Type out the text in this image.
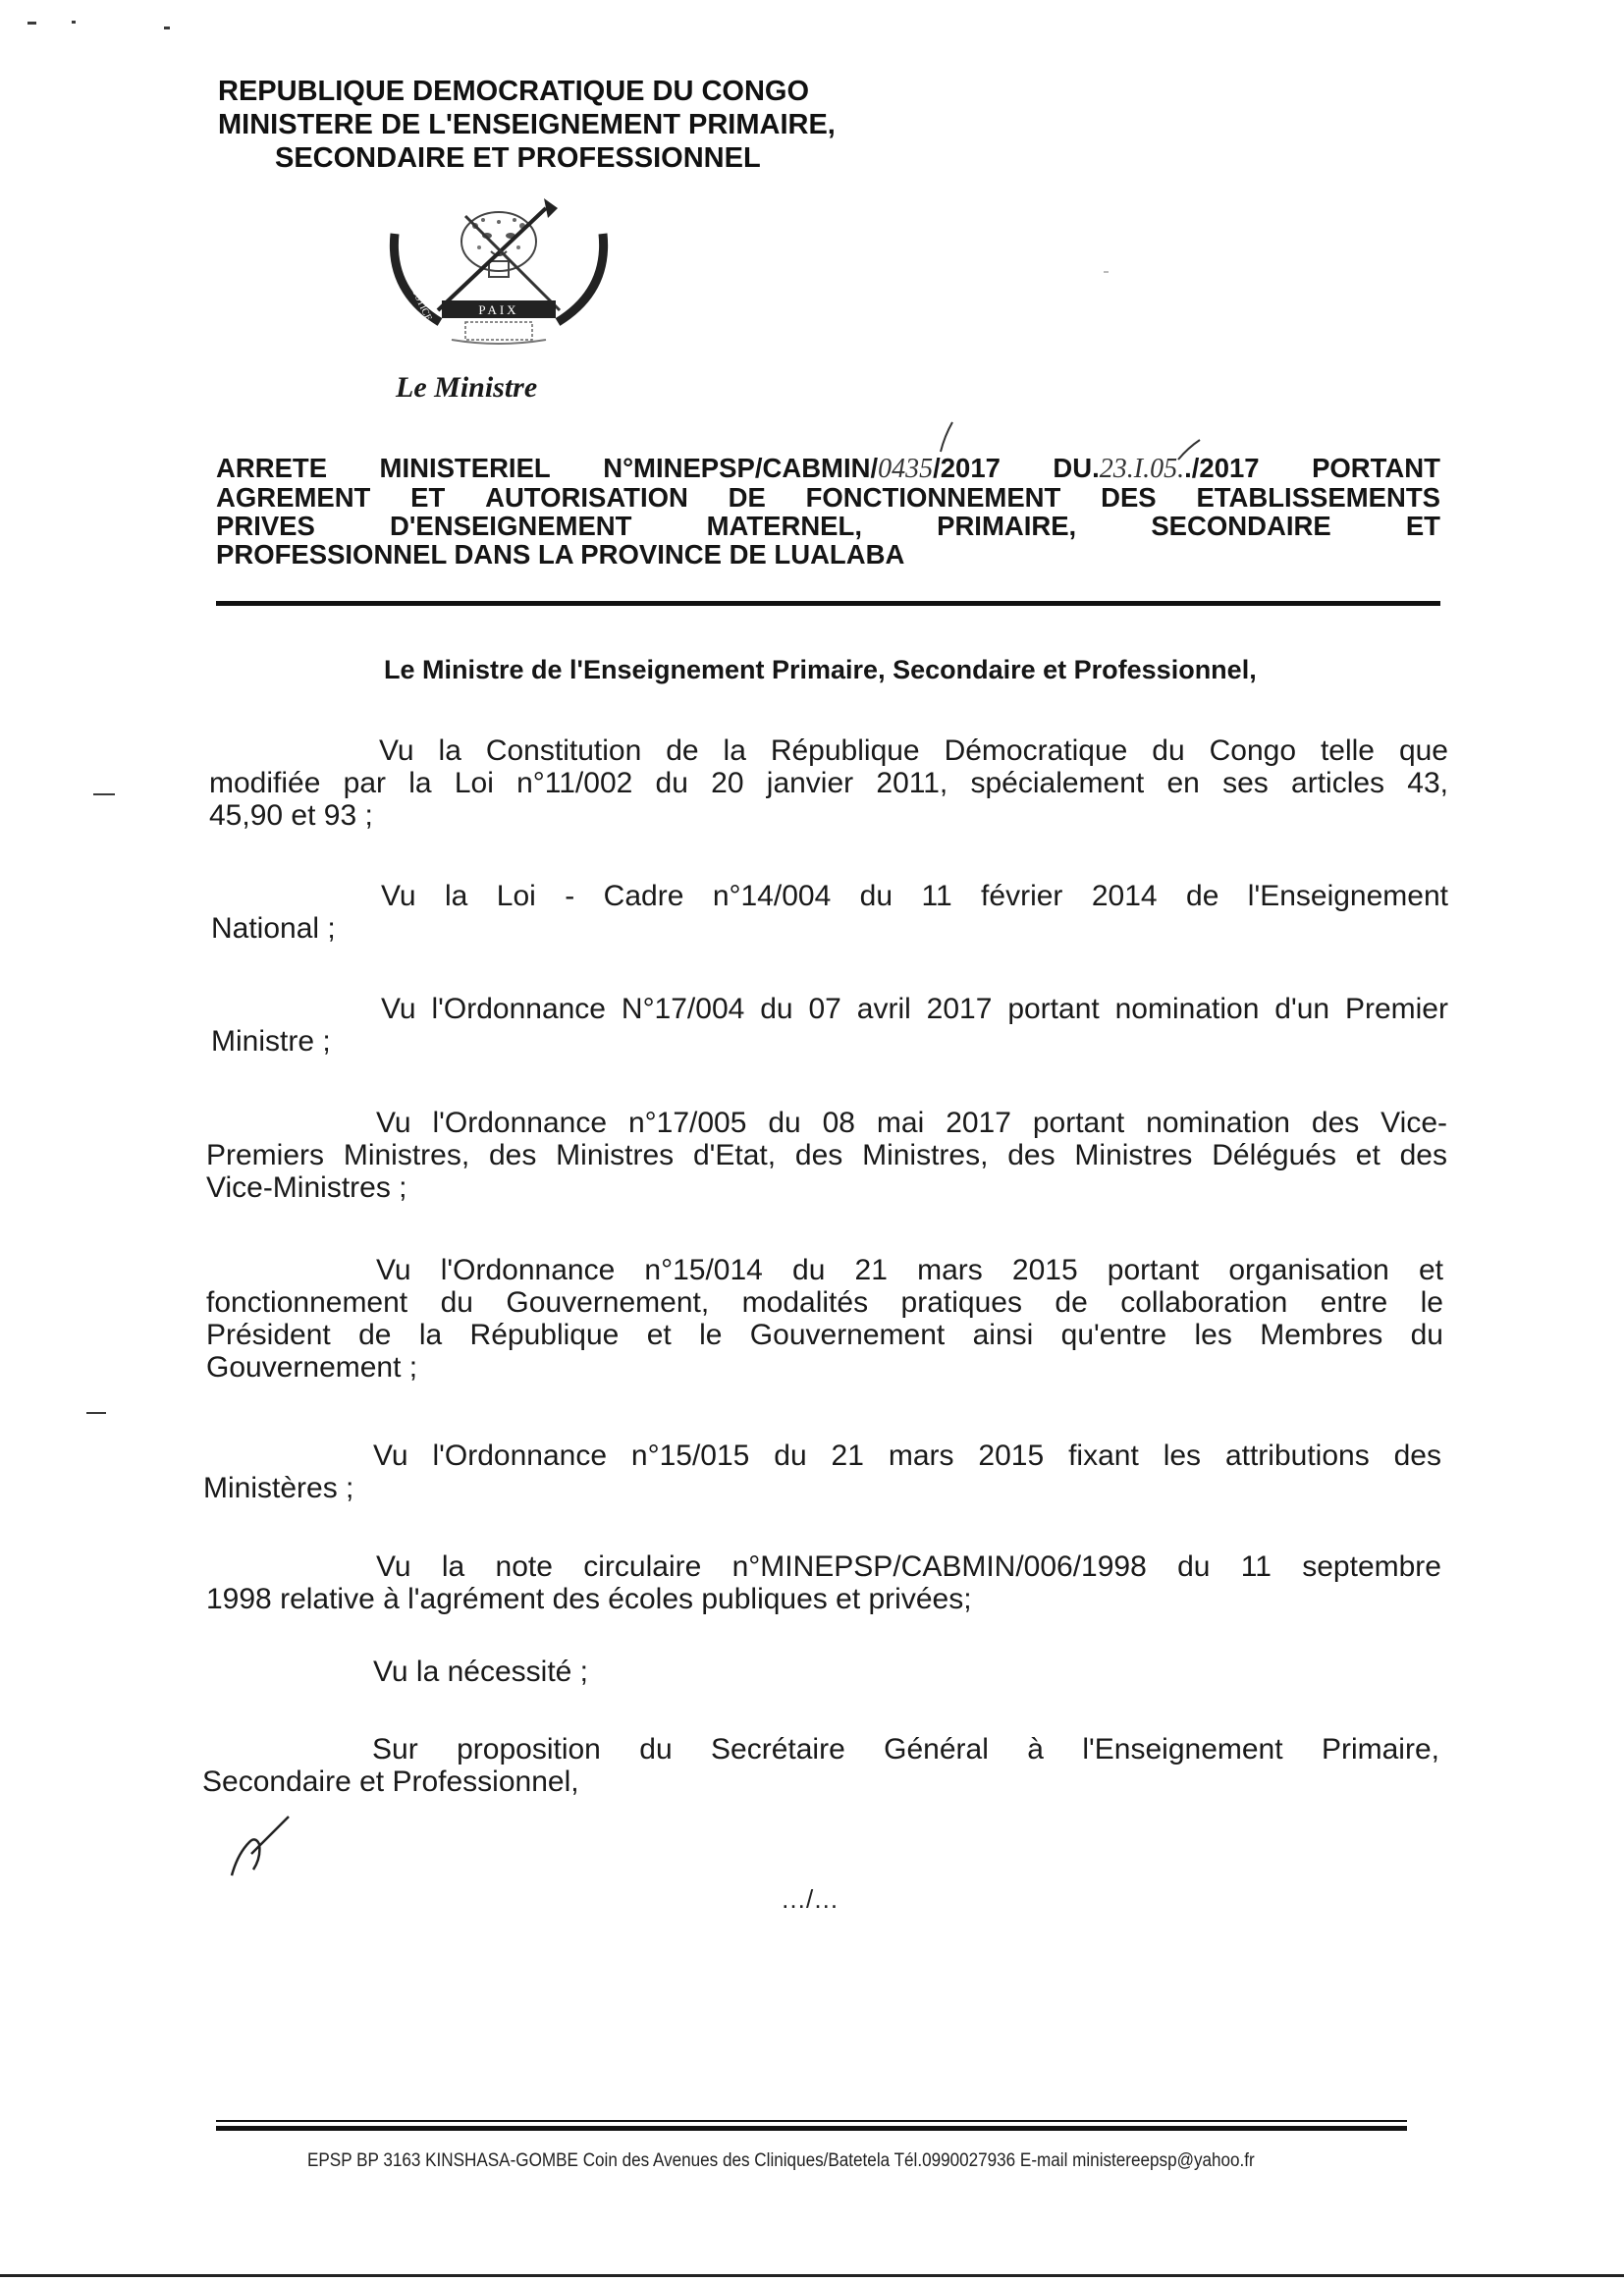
REPUBLIQUE DEMOCRATIQUE DU CONGO
MINISTERE DE L'ENSEIGNEMENT PRIMAIRE,
SECONDAIRE ET PROFESSIONNEL
PAIX
JUSTICE
TRAVAIL
Le Ministre
ARRETE MINISTERIEL N°MINEPSP/CABMIN/0435/2017 DU.23.I.05../2017 PORTANT
AGREMENT ET AUTORISATION DE FONCTIONNEMENT DES ETABLISSEMENTS
PRIVES	D'ENSEIGNEMENT	MATERNEL,	PRIMAIRE,	SECONDAIRE	ET
PROFESSIONNEL DANS LA PROVINCE DE LUALABA
Le Ministre de l'Enseignement Primaire, Secondaire et Professionnel,
Vu la Constitution de la République Démocratique du Congo telle que
modifiée par la Loi n°11/002 du 20 janvier 2011, spécialement en ses articles 43,
45,90 et 93 ;
Vu la Loi - Cadre n°14/004 du 11 février 2014 de l'Enseignement
National ;
Vu l'Ordonnance N°17/004 du 07 avril 2017 portant nomination d'un Premier
Ministre ;
Vu l'Ordonnance n°17/005 du 08 mai 2017 portant nomination des Vice-
Premiers Ministres, des Ministres d'Etat, des Ministres, des Ministres Délégués et des
Vice-Ministres ;
Vu l'Ordonnance n°15/014 du 21 mars 2015 portant organisation et
fonctionnement du Gouvernement, modalités pratiques de collaboration entre le
Président de la République et le Gouvernement ainsi qu'entre les Membres du
Gouvernement ;
Vu l'Ordonnance n°15/015 du 21 mars 2015 fixant les attributions des
Ministères ;
Vu la note circulaire n°MINEPSP/CABMIN/006/1998 du 11 septembre
1998 relative à l'agrément des écoles publiques et privées;
Vu la nécessité ;
Sur proposition du Secrétaire Général à l'Enseignement Primaire,
Secondaire et Professionnel,
…/…
EPSP BP 3163 KINSHASA-GOMBE Coin des Avenues des Cliniques/Batetela Tél.0990027936 E-mail ministereepsp@yahoo.fr
